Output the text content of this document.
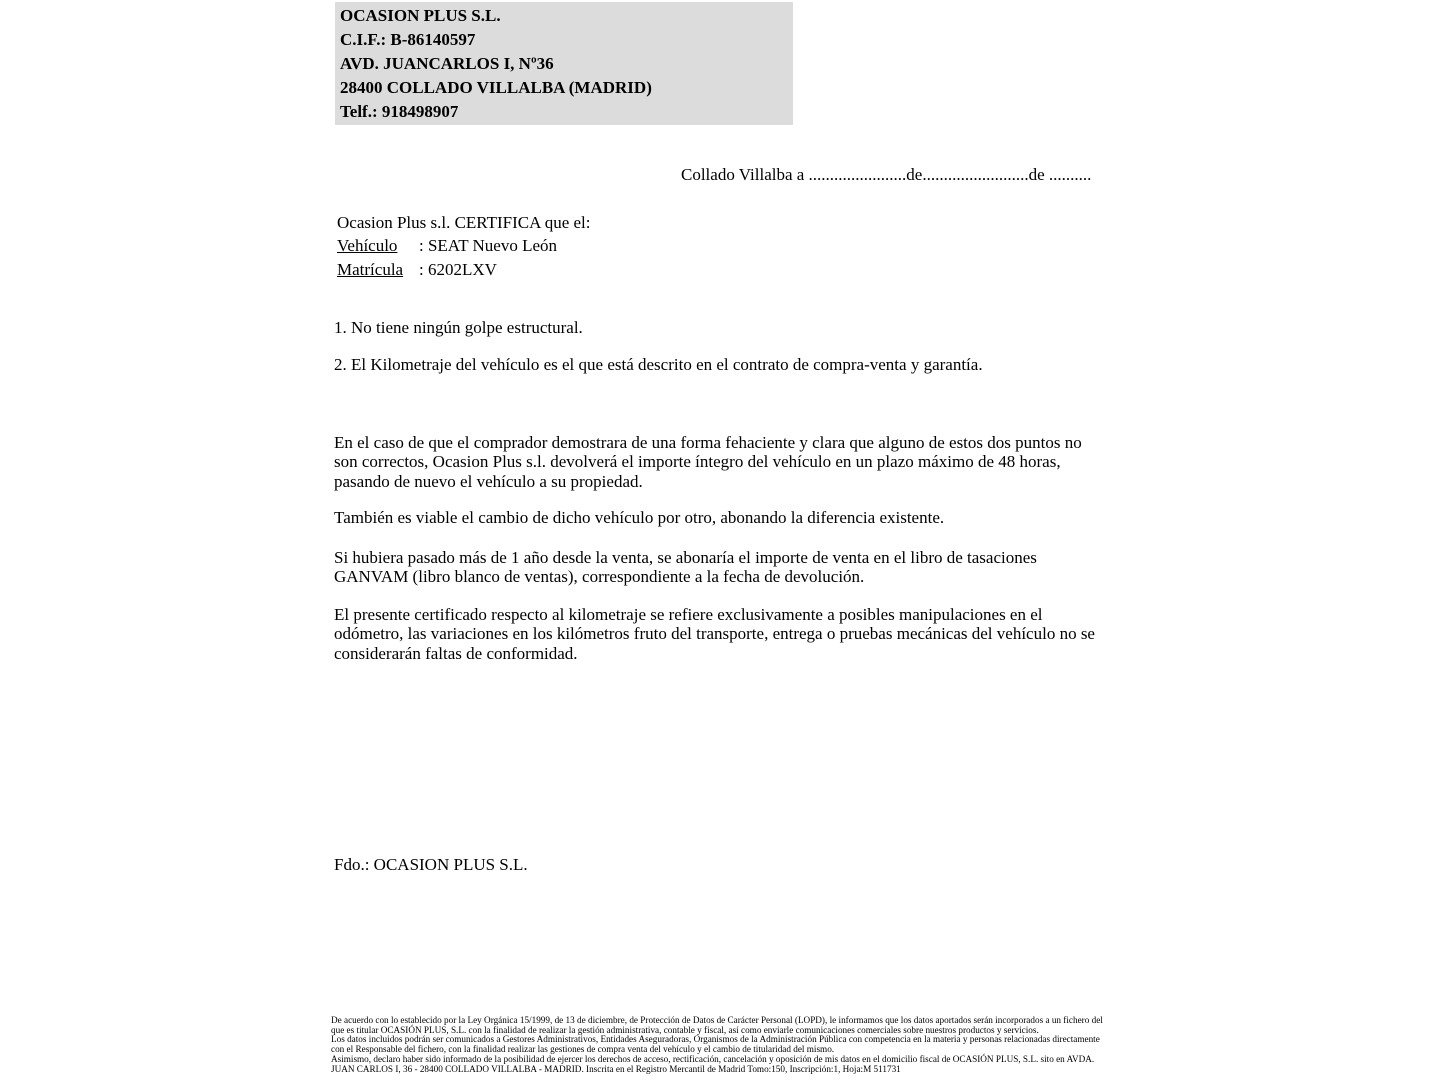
OCASION PLUS S.L.
C.I.F.: B-86140597
AVD. JUANCARLOS I, Nº36
28400 COLLADO VILLALBA (MADRID)
Telf.: 918498907
Collado Villalba a .......................de.........................de ..........
Ocasion Plus s.l. CERTIFICA que el:
Vehículo	: SEAT Nuevo León
Matrícula : 6202LXV
1. No tiene ningún golpe estructural.
2. El Kilometraje del vehículo es el que está descrito en el contrato de compra-venta y garantía.
En el caso de que el comprador demostrara de una forma fehaciente y clara que alguno de estos dos puntos no son correctos, Ocasion Plus s.l. devolverá el importe íntegro del vehículo en un plazo máximo de 48 horas, pasando de nuevo el vehículo a su propiedad.
También es viable el cambio de dicho vehículo por otro, abonando la diferencia existente.
Si hubiera pasado más de 1 año desde la venta, se abonaría el importe de venta en el libro de tasaciones GANVAM (libro blanco de ventas), correspondiente a la fecha de devolución.
El presente certificado respecto al kilometraje se refiere exclusivamente a posibles manipulaciones en el odómetro, las variaciones en los kilómetros fruto del transporte, entrega o pruebas mecánicas del vehículo no se considerarán faltas de conformidad.
Fdo.: OCASION PLUS S.L.
De acuerdo con lo establecido por la Ley Orgánica 15/1999, de 13 de diciembre, de Protección de Datos de Carácter Personal (LOPD), le informamos que los datos aportados serán incorporados a un fichero del que es titular OCASIÓN PLUS, S.L. con la finalidad de realizar la gestión administrativa, contable y fiscal, así como enviarle comunicaciones comerciales sobre nuestros productos y servicios.
Los datos incluidos podrán ser comunicados a Gestores Administrativos, Entidades Aseguradoras, Organismos de la Administración Pública con competencia en la materia y personas relacionadas directamente con el Responsable del fichero, con la finalidad realizar las gestiones de compra venta del vehículo y el cambio de titularidad del mismo.
Asimismo, declaro haber sido informado de la posibilidad de ejercer los derechos de acceso, rectificación, cancelación y oposición de mis datos en el domicilio fiscal de OCASIÓN PLUS, S.L. sito en AVDA. JUAN CARLOS I, 36 - 28400 COLLADO VILLALBA - MADRID. Inscrita en el Registro Mercantil de Madrid Tomo:150, Inscripción:1, Hoja:M 511731
